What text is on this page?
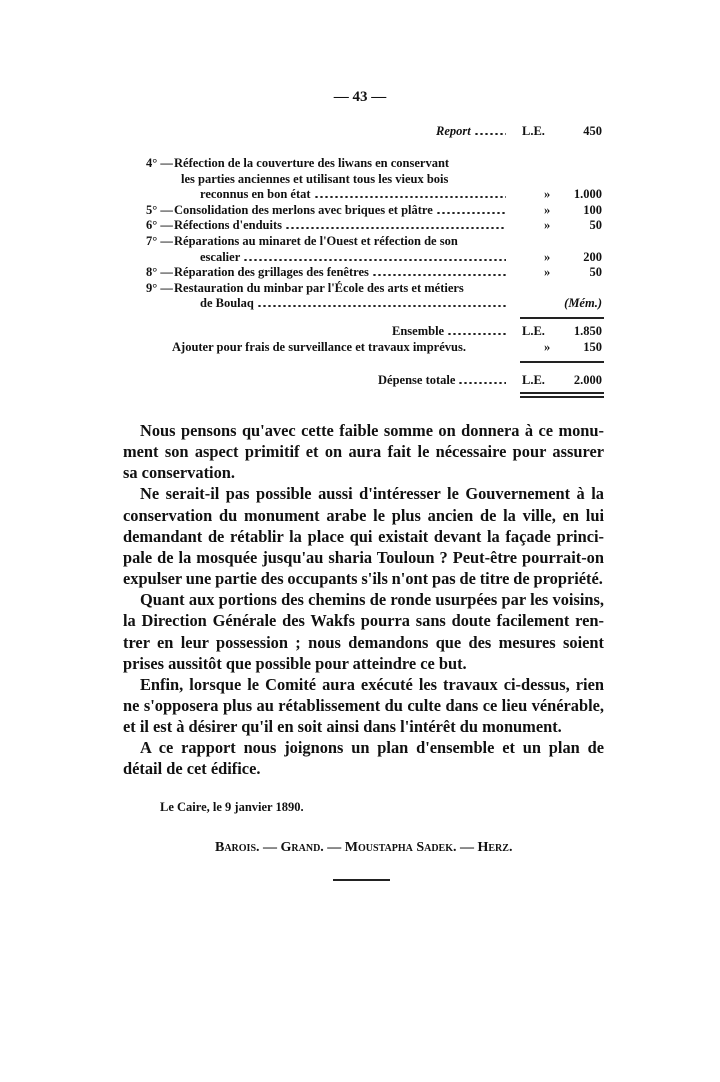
— 43 —
Report	L.E.	450
4° — Réfection de la couverture des liwans en conservant
les parties anciennes et utilisant tous les vieux bois
reconnus en bon état	» 1.000
5° — Consolidation des merlons avec briques et plâtre	»	100
6° — Réfections d'enduits	»	50
7° — Réparations au minaret de l'Ouest et réfection de son
escalier	»	200
8° — Réparation des grillages des fenêtres	»	50
9° — Restauration du minbar par l'École des arts et métiers
de Boulaq	(Mém.)
Ensemble	L.E.	1.850
Ajouter pour frais de surveillance et travaux imprévus.	»	150
Dépense totale	L.E.	2.000
Nous pensons qu'avec cette faible somme on donnera à ce monu-
ment son aspect primitif et on aura fait le nécessaire pour assurer
sa conservation.
Ne serait-il pas possible aussi d'intéresser le Gouvernement à la
conservation du monument arabe le plus ancien de la ville, en lui
demandant de rétablir la place qui existait devant la façade princi-
pale de la mosquée jusqu'au sharia Touloun ? Peut-être pourrait-on
expulser une partie des occupants s'ils n'ont pas de titre de propriété.
Quant aux portions des chemins de ronde usurpées par les voisins,
la Direction Générale des Wakfs pourra sans doute facilement ren-
trer en leur possession ; nous demandons que des mesures soient
prises aussitôt que possible pour atteindre ce but.
Enfin, lorsque le Comité aura exécuté les travaux ci-dessus, rien
ne s'opposera plus au rétablissement du culte dans ce lieu vénérable,
et il est à désirer qu'il en soit ainsi dans l'intérêt du monument.
A ce rapport nous joignons un plan d'ensemble et un plan de
détail de cet édifice.
Le Caire, le 9 janvier 1890.
Barois. — Grand. — Moustapha Sadek. — Herz.
